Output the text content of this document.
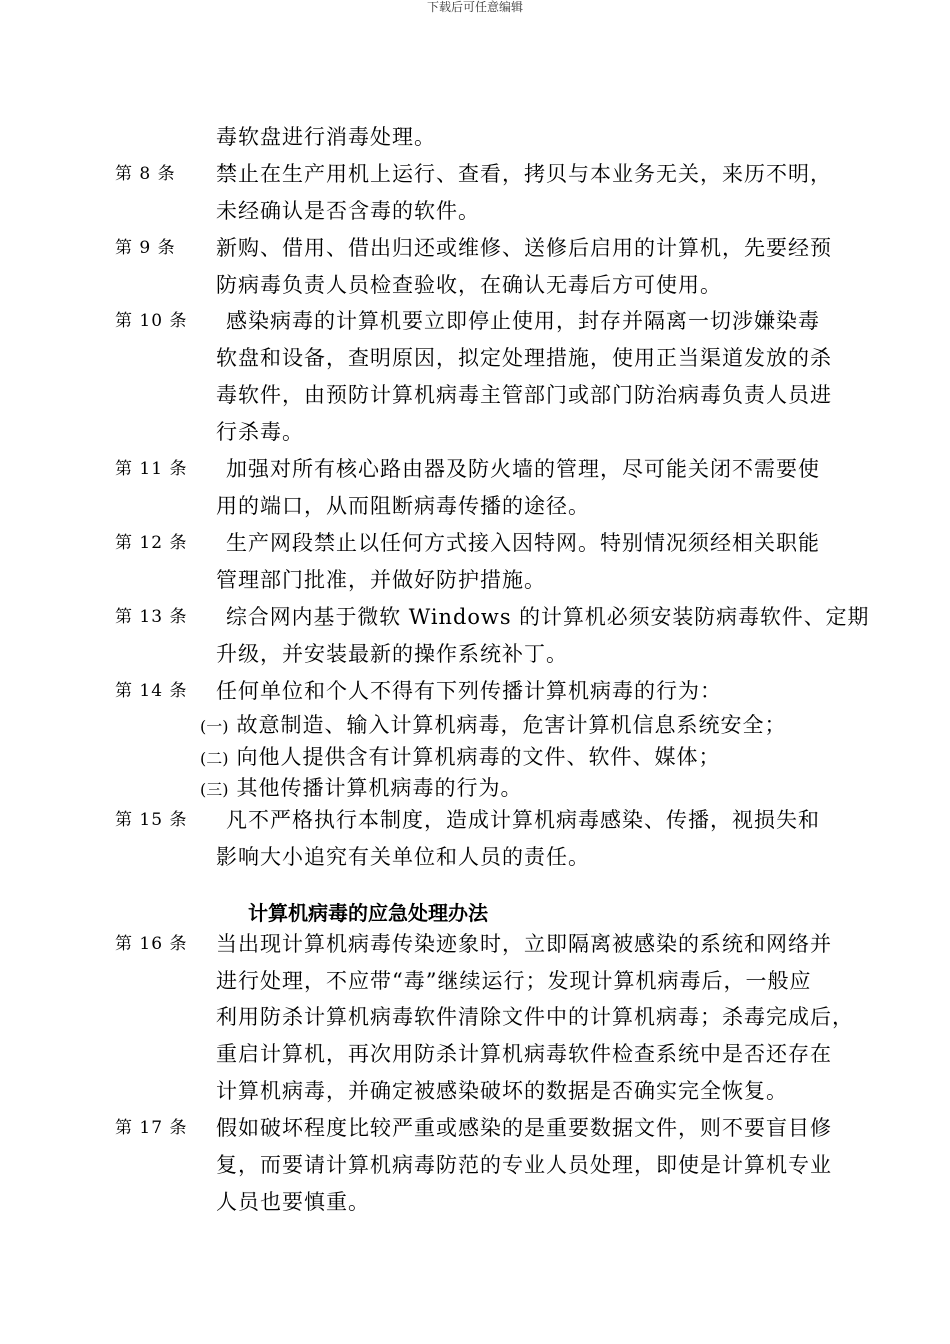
下载后可任意编辑
毒软盘进行消毒处理。
第 8 条 禁止在生产用机上运行、查看，拷贝与本业务无关，来历不明，
未经确认是否含毒的软件。
第 9 条 新购、借用、借出归还或维修、送修后启用的计算机，先要经预
防病毒负责人员检查验收，在确认无毒后方可使用。
第 10 条 感染病毒的计算机要立即停止使用，封存并隔离一切涉嫌染毒
软盘和设备，查明原因，拟定处理措施，使用正当渠道发放的杀
毒软件，由预防计算机病毒主管部门或部门防治病毒负责人员进
行杀毒。
第 11 条 加强对所有核心路由器及防火墙的管理，尽可能关闭不需要使
用的端口，从而阻断病毒传播的途径。
第 12 条 生产网段禁止以任何方式接入因特网。特别情况须经相关职能
管理部门批准，并做好防护措施。
第 13 条 综合网内基于微软 Windows 的计算机必须安装防病毒软件、定期
升级，并安装最新的操作系统补丁。
第 14 条 任何单位和个人不得有下列传播计算机病毒的行为：
(一) 故意制造、输入计算机病毒，危害计算机信息系统安全；
(二) 向他人提供含有计算机病毒的文件、软件、媒体；
(三) 其他传播计算机病毒的行为。
第 15 条 凡不严格执行本制度，造成计算机病毒感染、传播，视损失和
影响大小追究有关单位和人员的责任。
计算机病毒的应急处理办法
第 16 条 当出现计算机病毒传染迹象时，立即隔离被感染的系统和网络并
进行处理，不应带“毒”继续运行；发现计算机病毒后，一般应
利用防杀计算机病毒软件清除文件中的计算机病毒；杀毒完成后，
重启计算机，再次用防杀计算机病毒软件检查系统中是否还存在
计算机病毒，并确定被感染破坏的数据是否确实完全恢复。
第 17 条 假如破坏程度比较严重或感染的是重要数据文件，则不要盲目修
复，而要请计算机病毒防范的专业人员处理，即使是计算机专业
人员也要慎重。
